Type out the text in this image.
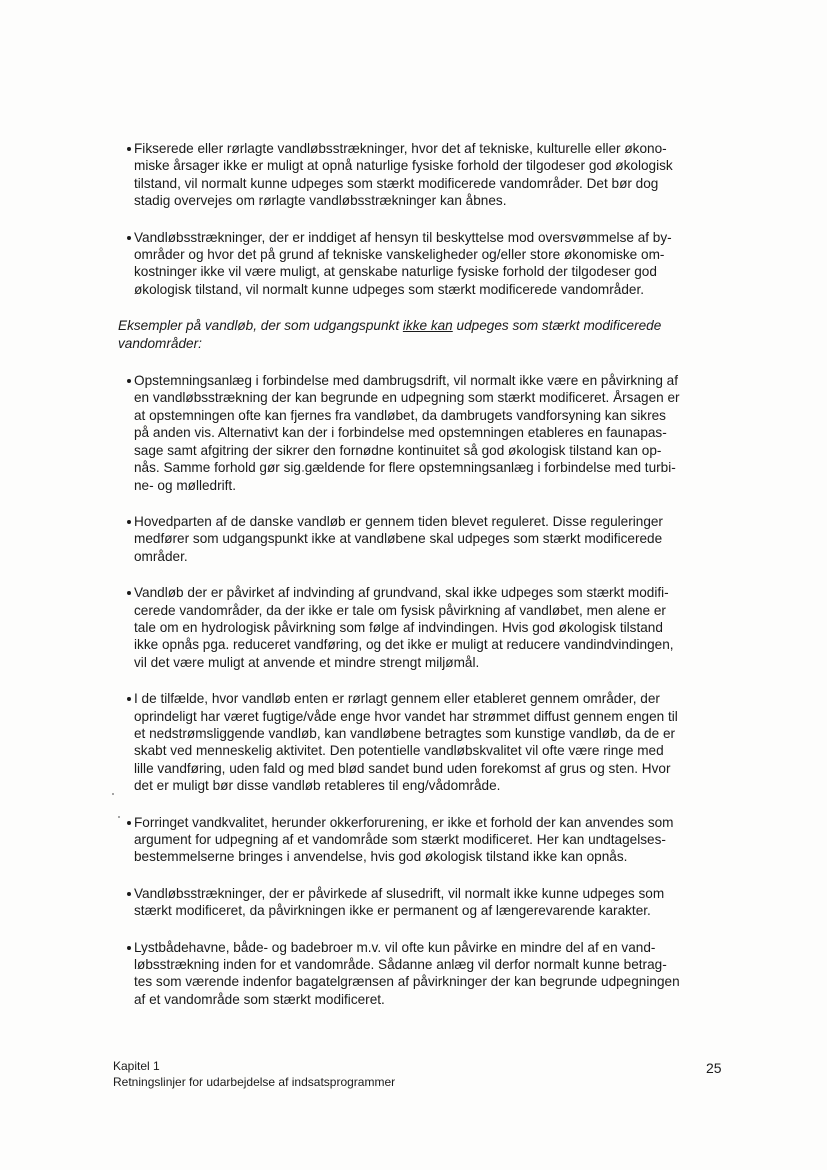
Fikserede eller rørlagte vandløbsstrækninger, hvor det af tekniske, kulturelle eller økono-
miske årsager ikke er muligt at opnå naturlige fysiske forhold der tilgodeser god økologisk
tilstand, vil normalt kunne udpeges som stærkt modificerede vandområder. Det bør dog
stadig overvejes om rørlagte vandløbsstrækninger kan åbnes.
Vandløbsstrækninger, der er inddiget af hensyn til beskyttelse mod oversvømmelse af by-
områder og hvor det på grund af tekniske vanskeligheder og/eller store økonomiske om-
kostninger ikke vil være muligt, at genskabe naturlige fysiske forhold der tilgodeser god
økologisk tilstand, vil normalt kunne udpeges som stærkt modificerede vandområder.
Eksempler på vandløb, der som udgangspunkt ikke kan udpeges som stærkt modificerede
vandområder:
Opstemningsanlæg i forbindelse med dambrugsdrift, vil normalt ikke være en påvirkning af
en vandløbsstrækning der kan begrunde en udpegning som stærkt modificeret. Årsagen er
at opstemningen ofte kan fjernes fra vandløbet, da dambrugets vandforsyning kan sikres
på anden vis. Alternativt kan der i forbindelse med opstemningen etableres en faunapas-
sage samt afgitring der sikrer den fornødne kontinuitet så god økologisk tilstand kan op-
nås. Samme forhold gør sig gældende for flere opstemningsanlæg i forbindelse med turbi-
ne- og mølledrift.
Hovedparten af de danske vandløb er gennem tiden blevet reguleret. Disse reguleringer
medfører som udgangspunkt ikke at vandløbene skal udpeges som stærkt modificerede
områder.
Vandløb der er påvirket af indvinding af grundvand, skal ikke udpeges som stærkt modifi-
cerede vandområder, da der ikke er tale om fysisk påvirkning af vandløbet, men alene er
tale om en hydrologisk påvirkning som følge af indvindingen. Hvis god økologisk tilstand
ikke opnås pga. reduceret vandføring, og det ikke er muligt at reducere vandindvindingen,
vil det være muligt at anvende et mindre strengt miljømål.
I de tilfælde, hvor vandløb enten er rørlagt gennem eller etableret gennem områder, der
oprindeligt har været fugtige/våde enge hvor vandet har strømmet diffust gennem engen til
et nedstrømsliggende vandløb, kan vandløbene betragtes som kunstige vandløb, da de er
skabt ved menneskelig aktivitet. Den potentielle vandløbskvalitet vil ofte være ringe med
lille vandføring, uden fald og med blød sandet bund uden forekomst af grus og sten. Hvor
det er muligt bør disse vandløb retableres til eng/vådområde.
Forringet vandkvalitet, herunder okkerforurening, er ikke et forhold der kan anvendes som
argument for udpegning af et vandområde som stærkt modificeret. Her kan undtagelses-
bestemmelserne bringes i anvendelse, hvis god økologisk tilstand ikke kan opnås.
Vandløbsstrækninger, der er påvirkede af slusedrift, vil normalt ikke kunne udpeges som
stærkt modificeret, da påvirkningen ikke er permanent og af længerevarende karakter.
Lystbådehavne, både- og badebroer m.v. vil ofte kun påvirke en mindre del af en vand-
løbsstrækning inden for et vandområde. Sådanne anlæg vil derfor normalt kunne betrag-
tes som værende indenfor bagatelgrænsen af påvirkninger der kan begrunde udpegningen
af et vandområde som stærkt modificeret.
Kapitel 1
Retningslinjer for udarbejdelse af indsatsprogrammer
25
